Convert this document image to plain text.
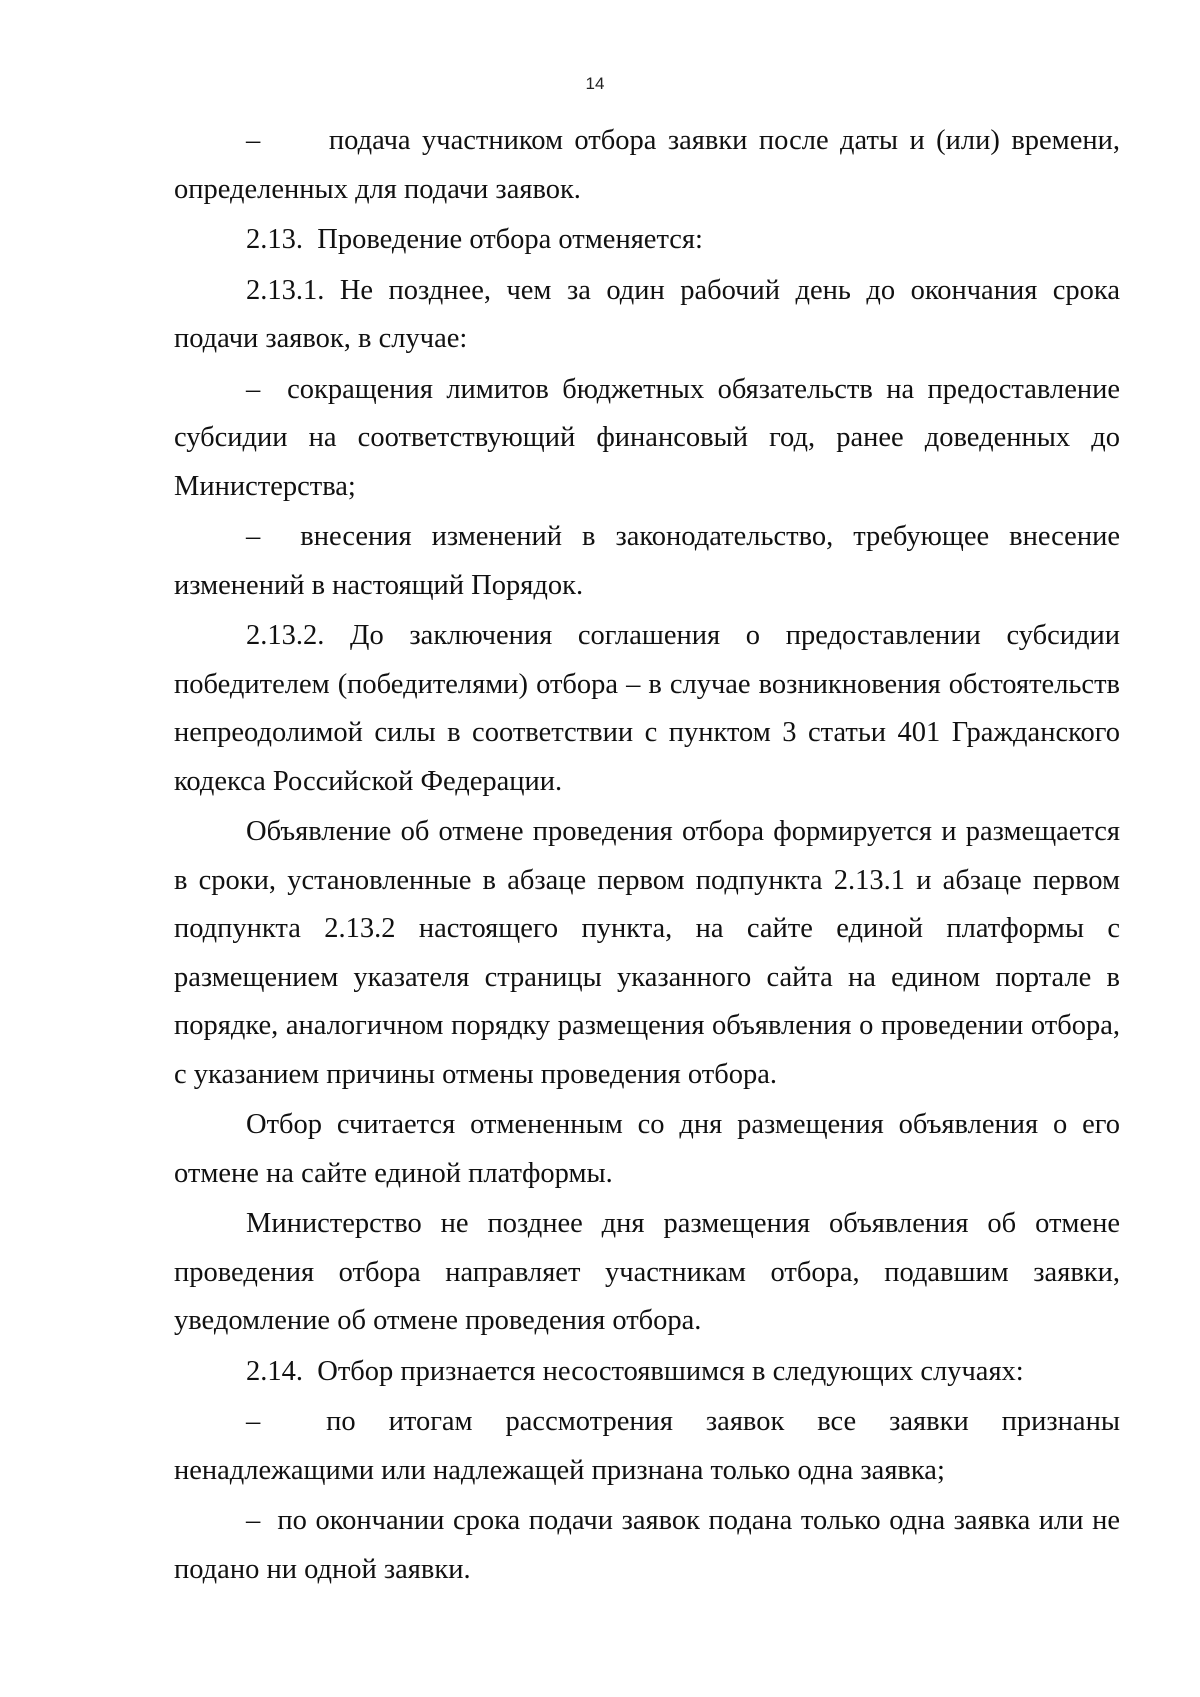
14

–      подача участником отбора заявки после даты и (или) времени, определенных для подачи заявок.

2.13.  Проведение отбора отменяется:

2.13.1. Не позднее, чем за один рабочий день до окончания срока подачи заявок, в случае:

–  сокращения лимитов бюджетных обязательств на предоставление субсидии на соответствующий финансовый год, ранее доведенных до Министерства;

–  внесения изменений в законодательство, требующее внесение изменений в настоящий Порядок.

2.13.2. До заключения соглашения о предоставлении субсидии победителем (победителями) отбора – в случае возникновения обстоятельств непреодолимой силы в соответствии с пунктом 3 статьи 401 Гражданского кодекса Российской Федерации.

Объявление об отмене проведения отбора формируется и размещается в сроки, установленные в абзаце первом подпункта 2.13.1 и абзаце первом подпункта 2.13.2 настоящего пункта, на сайте единой платформы с размещением указателя страницы указанного сайта на едином портале в порядке, аналогичном порядку размещения объявления о проведении отбора, с указанием причины отмены проведения отбора.

Отбор считается отмененным со дня размещения объявления о его отмене на сайте единой платформы.

Министерство не позднее дня размещения объявления об отмене проведения отбора направляет участникам отбора, подавшим заявки, уведомление об отмене проведения отбора.

2.14.  Отбор признается несостоявшимся в следующих случаях:

–  по итогам рассмотрения заявок все заявки признаны ненадлежащими или надлежащей признана только одна заявка;

–  по окончании срока подачи заявок подана только одна заявка или не подано ни одной заявки.
